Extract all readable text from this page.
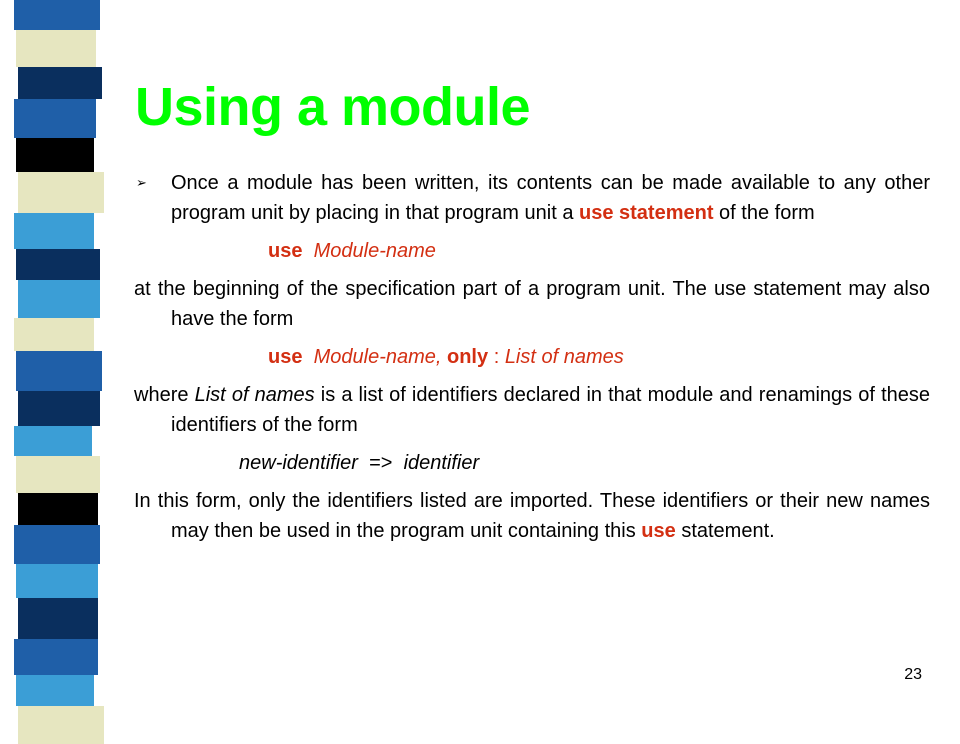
Using a module

➢ Once a module has been written, its contents can be made available to any other program unit by placing in that program unit a use statement of the form

use Module-name

at the beginning of the specification part of a program unit. The use statement may also have the form

use Module-name, only : List of names

where List of names is a list of identifiers declared in that module and renamings of these identifiers of the form

new-identifier => identifier

In this form, only the identifiers listed are imported. These identifiers or their new names may then be used in the program unit containing this use statement.

23
